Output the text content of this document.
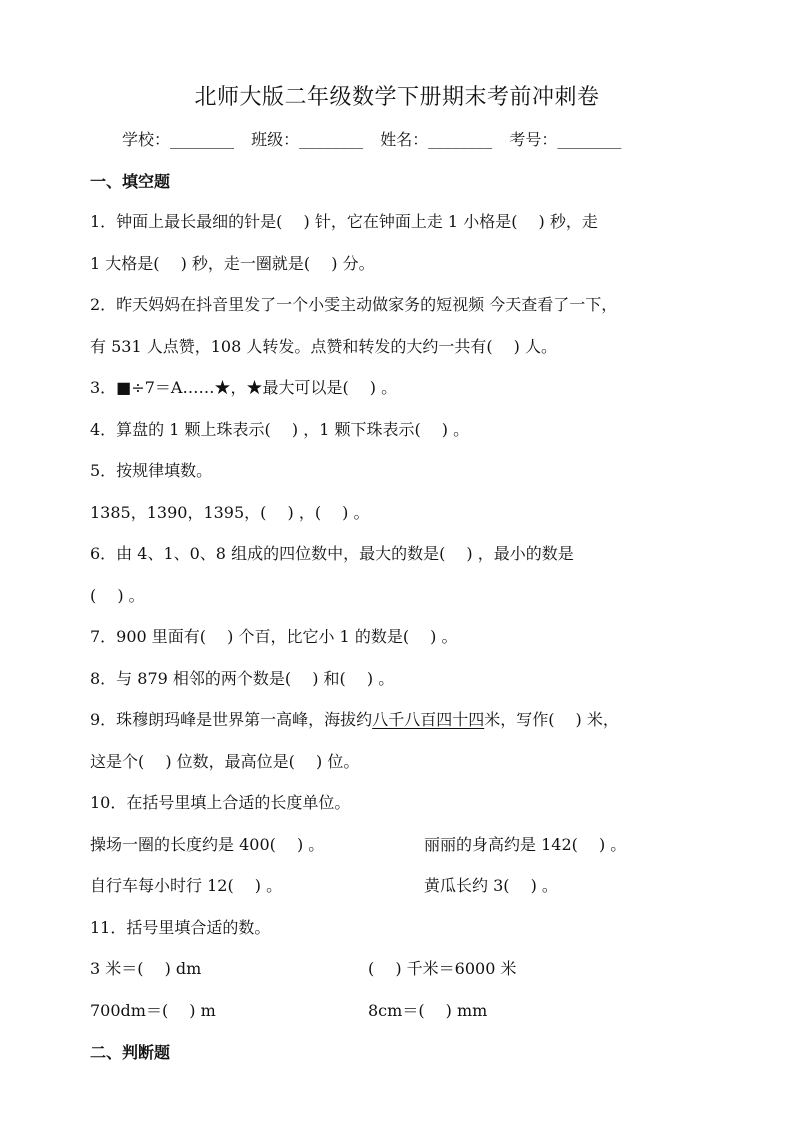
北师大版二年级数学下册期末考前冲刺卷
学校：________ 班级：________ 姓名：________ 考号：________
一、填空题
1．钟面上最长最细的针是(　 ) 针，它在钟面上走 1 小格是(　 ) 秒，走
1 大格是(　 ) 秒，走一圈就是(　 ) 分。
2．昨天妈妈在抖音里发了一个小雯主动做家务的短视频 今天查看了一下，
有 531 人点赞，108 人转发。点赞和转发的大约一共有(　 ) 人。
3．■÷7＝A……★，★最大可以是(　 ) 。
4．算盘的 1 颗上珠表示(　 ) ，1 颗下珠表示(　 ) 。
5．按规律填数。
1385，1390，1395，(　 ) ，(　 ) 。
6．由 4、1、0、8 组成的四位数中，最大的数是(　 ) ，最小的数是
(　 ) 。
7．900 里面有(　 ) 个百，比它小 1 的数是(　 ) 。
8．与 879 相邻的两个数是(　 ) 和(　 ) 。
9．珠穆朗玛峰是世界第一高峰，海拔约八千八百四十四米，写作(　 ) 米，
这是个(　 ) 位数，最高位是(　 ) 位。
10．在括号里填上合适的长度单位。
操场一圈的长度约是 400(　 ) 。	丽丽的身高约是 142(　 ) 。
自行车每小时行 12(　 ) 。	黄瓜长约 3(　 ) 。
11．括号里填合适的数。
3 米＝(　 ) dm	(　 ) 千米＝6000 米
700dm＝(　 ) m	8cm＝(　 ) mm
二、判断题
